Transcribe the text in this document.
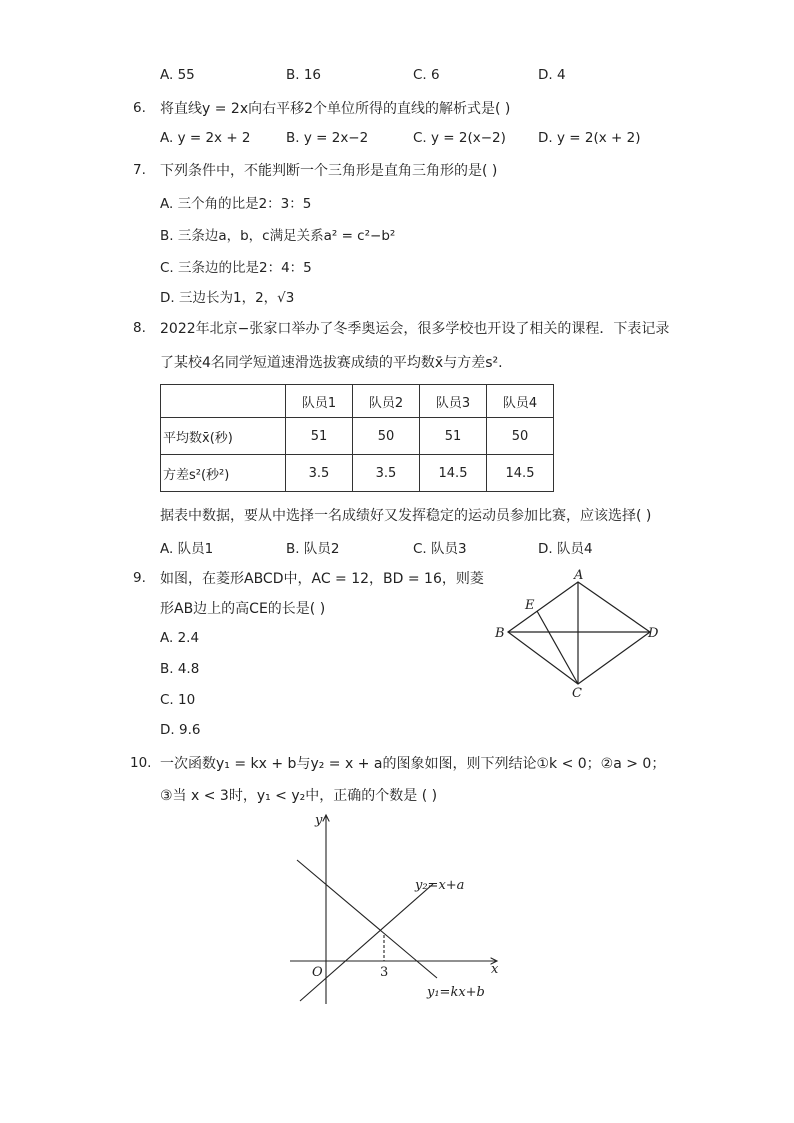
A. 55	B. 16	C. 6	D. 4
6. 将直线y = 2x向右平移2个单位所得的直线的解析式是( )
A. y = 2x + 2	B. y = 2x−2	C. y = 2(x−2) D. y = 2(x + 2)
7. 下列条件中，不能判断一个三角形是直角三角形的是( )
A. 三个角的比是2：3：5
B. 三条边a，b，c满足关系a² = c²−b²
C. 三条边的比是2：4：5
D. 三边长为1，2，√3
8. 2022年北京−张家口举办了冬季奥运会，很多学校也开设了相关的课程．下表记录
了某校4名同学短道速滑选拔赛成绩的平均数x̄与方差s².
	队员1	队员2	队员3	队员4
平均数x̄(秒)	51	50	51	50
方差s²(秒²)	3.5	3.5	14.5	14.5
据表中数据，要从中选择一名成绩好又发挥稳定的运动员参加比赛，应该选择( )
A. 队员1	B. 队员2	C. 队员3	D. 队员4
9. 如图，在菱形ABCD中，AC = 12，BD = 16，则菱
形AB边上的高CE的长是( )
A. 2.4
B. 4.8
C. 10
D. 9.6
A
B
C
D
E
10. 一次函数y₁ = kx + b与y₂ = x + a的图象如图，则下列结论①k < 0；②a > 0；
③当 x < 3时，y₁ < y₂中，正确的个数是 ( )
y
x
O	3
y₂=x+a
y₁=kx+b
